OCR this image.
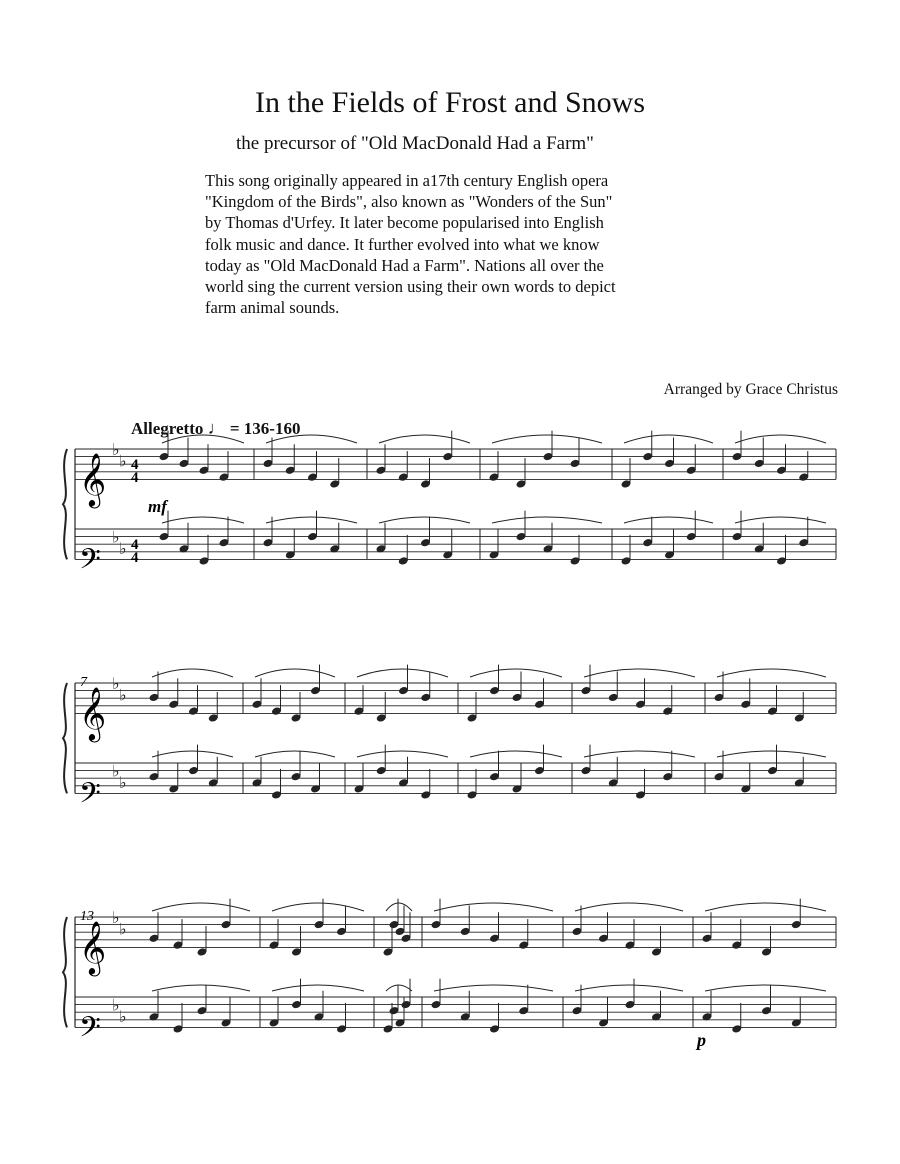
In the Fields of Frost and Snows
the precursor of "Old MacDonald Had a Farm"

This song originally appeared in a17th century English opera

"Kingdom of the Birds", also known as "Wonders of the Sun"

by Thomas d'Urfey. It later become popularised into English

folk music and dance. It further evolved into what we know

today as "Old MacDonald Had a Farm". Nations all over the

world sing the current version using their own words to depict

farm animal sounds.

Arranged by Grace Christus
Allegretto ♩ = 136-160
♭
♭
♭
♭
♭
♭
♭
♭
♭
♭
♭
♭
mf
p
7
13
𝄞
𝄢
𝄞
𝄢
𝄞
𝄢
4
4
4
4
